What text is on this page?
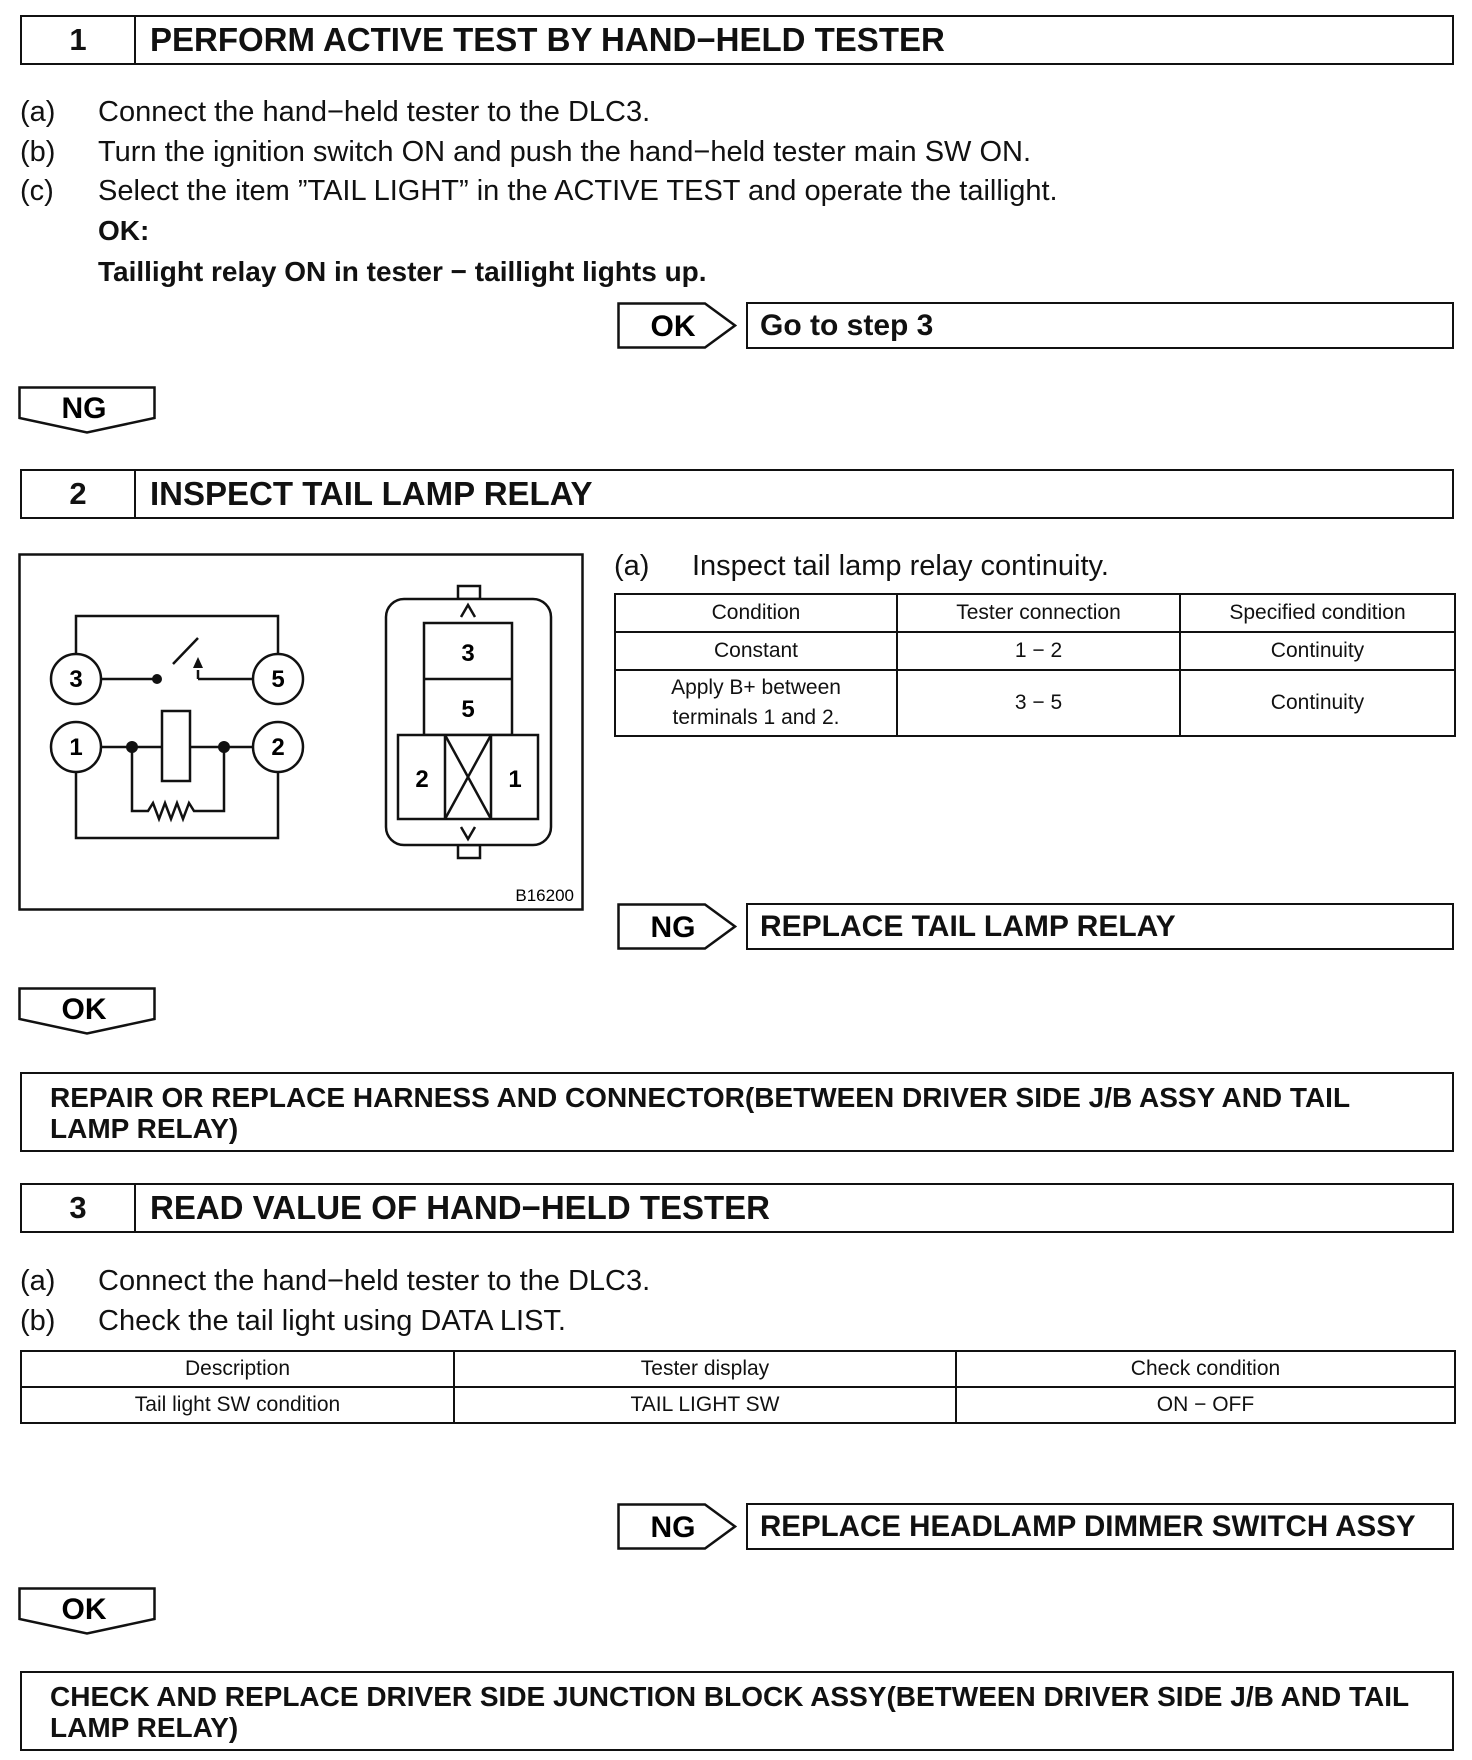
1	PERFORM ACTIVE TEST BY HAND−HELD TESTER
(a) Connect the hand−held tester to the DLC3.
(b) Turn the ignition switch ON and push the hand−held tester main SW ON.
(c) Select the item ”TAIL LIGHT” in the ACTIVE TEST and operate the taillight.
OK:
Taillight relay ON in tester − taillight lights up.
OK	Go to step 3
NG
2	INSPECT TAIL LAMP RELAY
3	5
1	2
3
5
2	1
B16200
(a) Inspect tail lamp relay continuity.
Condition	Tester connection	Specified condition
Constant	1 − 2	Continuity
Apply B+ between terminals 1 and 2.	3 − 5	Continuity
NG	REPLACE TAIL LAMP RELAY
OK
REPAIR OR REPLACE HARNESS AND CONNECTOR(BETWEEN DRIVER SIDE J/B ASSY AND TAIL LAMP RELAY)
3	READ VALUE OF HAND−HELD TESTER
(a) Connect the hand−held tester to the DLC3.
(b) Check the tail light using DATA LIST.
Description	Tester display	Check condition
Tail light SW condition	TAIL LIGHT SW	ON − OFF
NG	REPLACE HEADLAMP DIMMER SWITCH ASSY
OK
CHECK AND REPLACE DRIVER SIDE JUNCTION BLOCK ASSY(BETWEEN DRIVER SIDE J/B AND TAIL LAMP RELAY)
